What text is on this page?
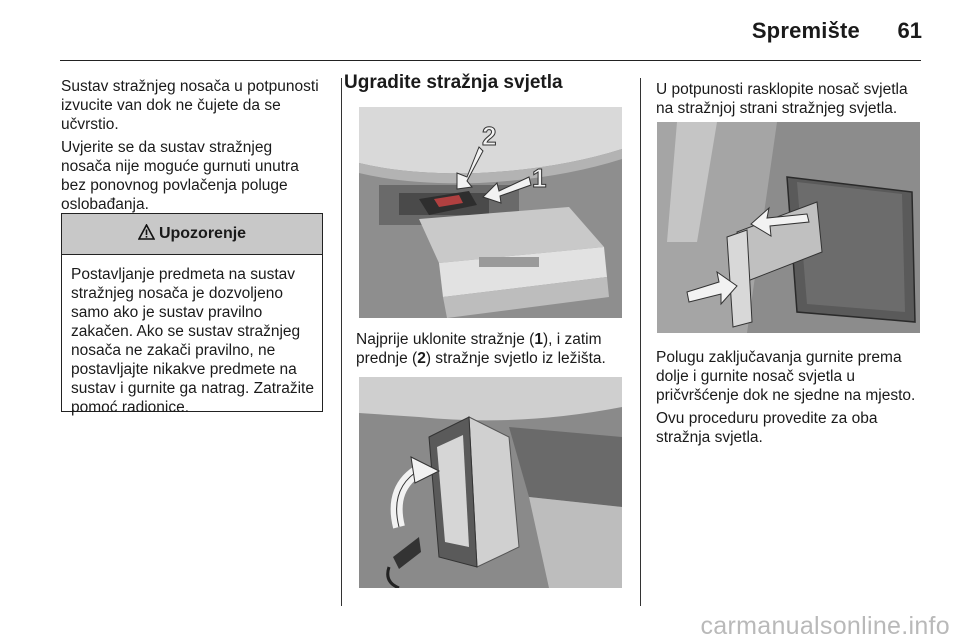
Spremište	61

Sustav stražnjeg nosača u potpunosti izvucite van dok ne čujete da se učvrstio.

Uvjerite se da sustav stražnjeg nosača nije moguće gurnuti unutra bez ponovnog povlačenja poluge oslobađanja.

Upozorenje
Postavljanje predmeta na sustav stražnjeg nosača je dozvoljeno samo ako je sustav pravilno zakačen. Ako se sustav stražnjeg nosača ne zakači pravilno, ne postavljajte nikakve predmete na sustav i gurnite ga natrag. Zatražite pomoć radionice.
Ugradite stražnja svjetla
2
1

Najprije uklonite stražnje (1), i zatim prednje (2) stražnje svjetlo iz ležišta.

U potpunosti rasklopite nosač svjetla na stražnjoj strani stražnjeg svjetla.

Polugu zaključavanja gurnite prema dolje i gurnite nosač svjetla u pričvršćenje dok ne sjedne na mjesto.

Ovu proceduru provedite za oba stražnja svjetla.

carmanualsonline.info
